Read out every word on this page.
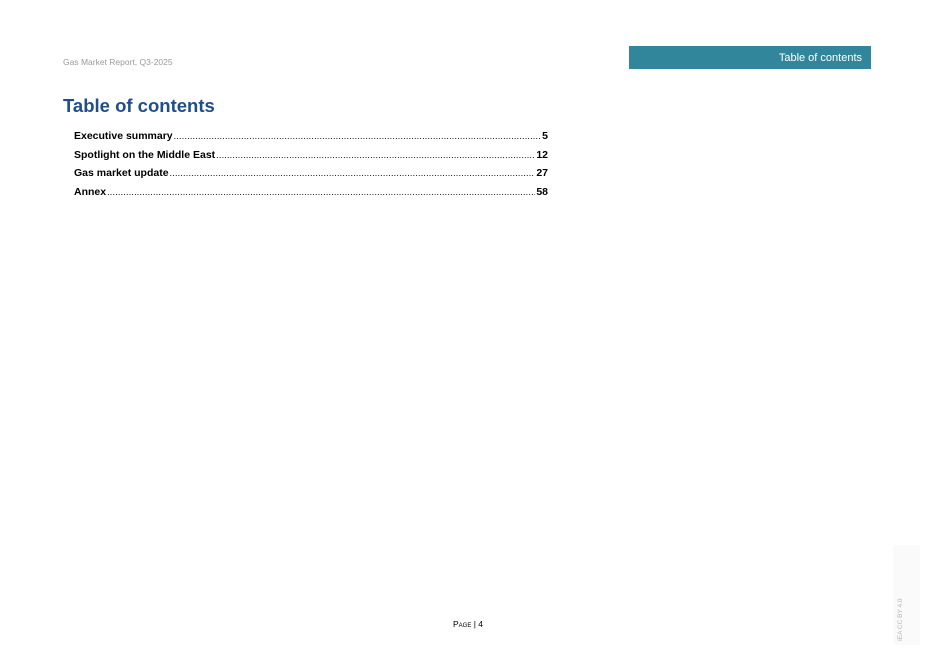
Gas Market Report, Q3-2025	Table of contents
Table of contents
Executive summary .....	5
Spotlight on the Middle East .....	12
Gas market update .....	27
Annex .....	58
Page | 4	IEA CC BY 4.0
